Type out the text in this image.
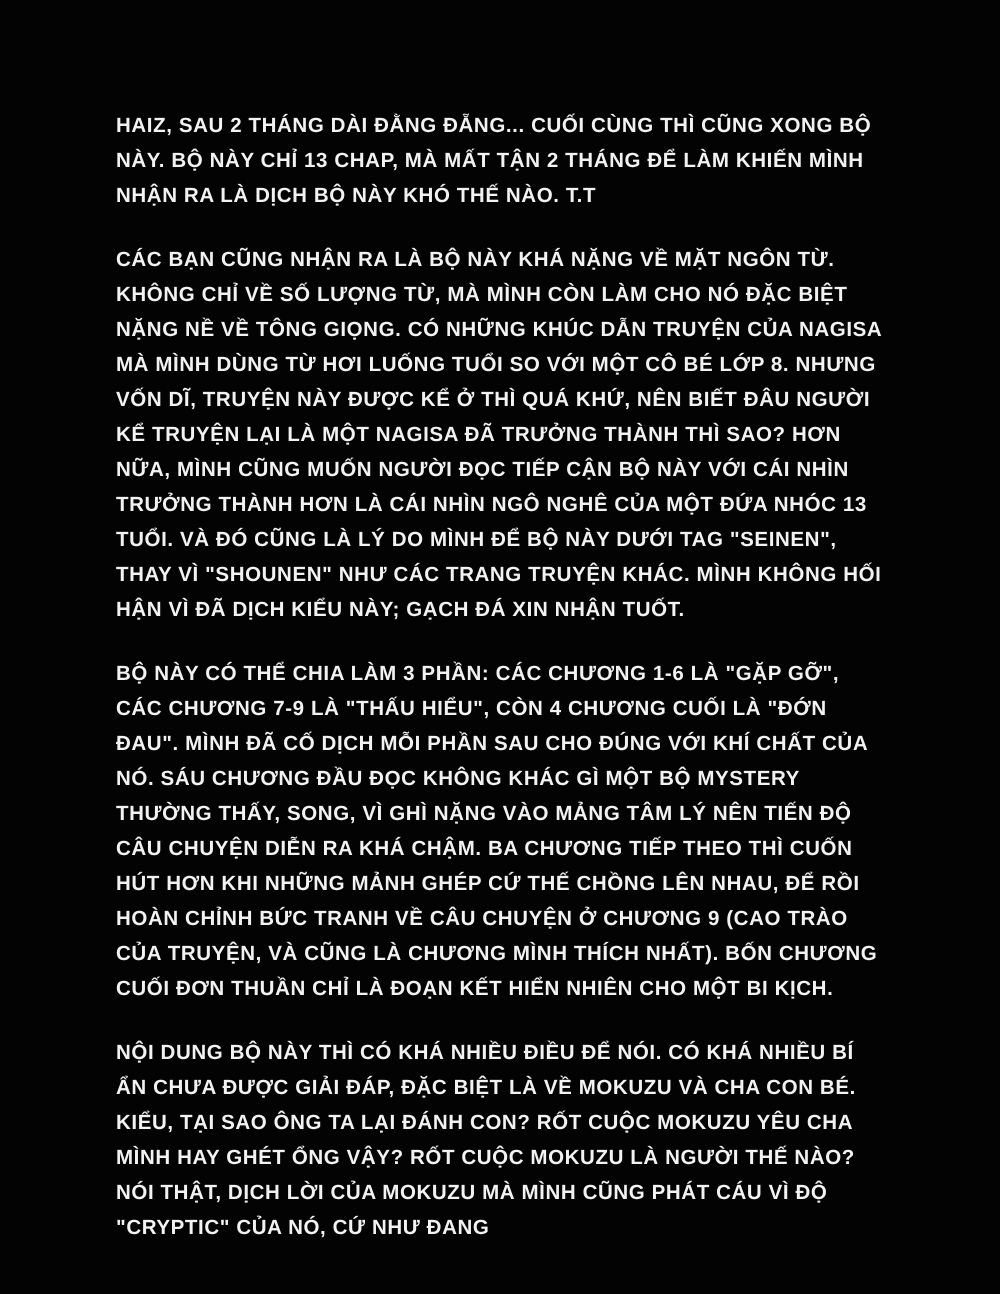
HAIZ, SAU 2 THÁNG DÀI ĐẰNG ĐẴNG... CUỐI CÙNG THÌ CŨNG XONG BỘ NÀY. BỘ NÀY CHỈ 13 CHAP, MÀ MẤT TẬN 2 THÁNG ĐỂ LÀM KHIẾN MÌNH NHẬN RA LÀ DỊCH BỘ NÀY KHÓ THẾ NÀO. T.T

CÁC BẠN CŨNG NHẬN RA LÀ BỘ NÀY KHÁ NẶNG VỀ MẶT NGÔN TỪ. KHÔNG CHỈ VỀ SỐ LƯỢNG TỪ, MÀ MÌNH CÒN LÀM CHO NÓ ĐẶC BIỆT NẶNG NỀ VỀ TÔNG GIỌNG. CÓ NHỮNG KHÚC DẪN TRUYỆN CỦA NAGISA MÀ MÌNH DÙNG TỪ HƠI LUỐNG TUỔI SO VỚI MỘT CÔ BÉ LỚP 8. NHƯNG VỐN DĨ, TRUYỆN NÀY ĐƯỢC KỂ Ở THÌ QUÁ KHỨ, NÊN BIẾT ĐÂU NGƯỜI KỂ TRUYỆN LẠI LÀ MỘT NAGISA ĐÃ TRƯỞNG THÀNH THÌ SAO? HƠN NỮA, MÌNH CŨNG MUỐN NGƯỜI ĐỌC TIẾP CẬN BỘ NÀY VỚI CÁI NHÌN TRƯỞNG THÀNH HƠN LÀ CÁI NHÌN NGÔ NGHÊ CỦA MỘT ĐỨA NHÓC 13 TUỔI. VÀ ĐÓ CŨNG LÀ LÝ DO MÌNH ĐỂ BỘ NÀY DƯỚI TAG "SEINEN", THAY VÌ "SHOUNEN" NHƯ CÁC TRANG TRUYỆN KHÁC. MÌNH KHÔNG HỐI HẬN VÌ ĐÃ DỊCH KIỂU NÀY; GẠCH ĐÁ XIN NHẬN TUỐT.

BỘ NÀY CÓ THỂ CHIA LÀM 3 PHẦN: CÁC CHƯƠNG 1-6 LÀ "GẶP GỠ", CÁC CHƯƠNG 7-9 LÀ "THẤU HIỂU", CÒN 4 CHƯƠNG CUỐI LÀ "ĐỚN ĐAU". MÌNH ĐÃ CỐ DỊCH MỖI PHẦN SAU CHO ĐÚNG VỚI KHÍ CHẤT CỦA NÓ. SÁU CHƯƠNG ĐẦU ĐỌC KHÔNG KHÁC GÌ MỘT BỘ MYSTERY THƯỜNG THẤY, SONG, VÌ GHÌ NẶNG VÀO MẢNG TÂM LÝ NÊN TIẾN ĐỘ CÂU CHUYỆN DIỄN RA KHÁ CHẬM. BA CHƯƠNG TIẾP THEO THÌ CUỐN HÚT HƠN KHI NHỮNG MẢNH GHÉP CỨ THẾ CHỒNG LÊN NHAU, ĐỂ RỒI HOÀN CHỈNH BỨC TRANH VỀ CÂU CHUYỆN Ở CHƯƠNG 9 (CAO TRÀO CỦA TRUYỆN, VÀ CŨNG LÀ CHƯƠNG MÌNH THÍCH NHẤT). BỐN CHƯƠNG CUỐI ĐƠN THUẦN CHỈ LÀ ĐOẠN KẾT HIỂN NHIÊN CHO MỘT BI KỊCH.

NỘI DUNG BỘ NÀY THÌ CÓ KHÁ NHIỀU ĐIỀU ĐỂ NÓI. CÓ KHÁ NHIỀU BÍ ẨN CHƯA ĐƯỢC GIẢI ĐÁP, ĐẶC BIỆT LÀ VỀ MOKUZU VÀ CHA CON BÉ. KIỂU, TẠI SAO ÔNG TA LẠI ĐÁNH CON? RỐT CUỘC MOKUZU YÊU CHA MÌNH HAY GHÉT ỔNG VẬY? RỐT CUỘC MOKUZU LÀ NGƯỜI THẾ NÀO? NÓI THẬT, DỊCH LỜI CỦA MOKUZU MÀ MÌNH CŨNG PHÁT CÁU VÌ ĐỘ "CRYPTIC" CỦA NÓ, CỨ NHƯ ĐANG
